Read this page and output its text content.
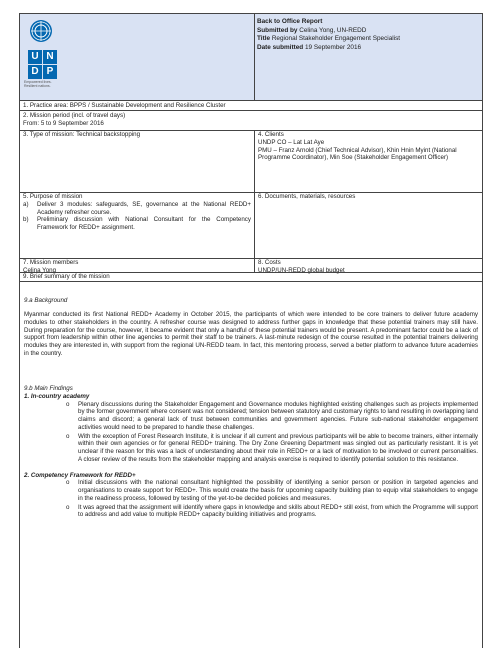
U N
D P
Empowered lives. Resilient nations.
Back to Office Report
Submitted by Celina Yong, UN-REDD
Title Regional Stakeholder Engagement Specialist
Date submitted 19 September 2016
1. Practice area: BPPS / Sustainable Development and Resilience Cluster
2. Mission period (incl. of travel days)
From: 5 to 9 September 2016
3. Type of mission: Technical backstopping	4. Clients
UNDP CO – Lat Lat Aye
PMU – Franz Arnold (Chief Technical Advisor), Khin Hnin Myint (National Programme Coordinator), Min Soe (Stakeholder Engagement Officer)
5. Purpose of mission
a) Deliver 3 modules: safeguards, SE, governance at the National REDD+ Academy refresher course.
b) Preliminary discussion with National Consultant for the Competency Framework for REDD+ assignment.
6. Documents, materials, resources
7. Mission members
Celina Yong
8. Costs
UNDP/UN-REDD global budget
9. Brief summary of the mission
9.a Background
Myanmar conducted its first National REDD+ Academy in October 2015, the participants of which were intended to be core trainers to deliver future academy modules to other stakeholders in the country. A refresher course was designed to address further gaps in knowledge that these potential trainers may still have. During preparation for the course, however, it became evident that only a handful of these potential trainers would be present. A predominant factor could be a lack of support from leadership within other line agencies to permit their staff to be trainers. A last-minute redesign of the course resulted in the potential trainers delivering modules they are interested in, with support from the regional UN-REDD team. In fact, this mentoring process, served a better platform to advance future academies in the country.
9.b Main Findings
1. In-country academy
o Plenary discussions during the Stakeholder Engagement and Governance modules highlighted existing challenges such as projects implemented by the former government where consent was not considered; tension between statutory and customary rights to land resulting in overlapping land claims and discord; a general lack of trust between communities and government agencies. Future sub-national stakeholder engagement activities would need to be prepared to handle these challenges.
o With the exception of Forest Research Institute, it is unclear if all current and previous participants will be able to become trainers, either internally within their own agencies or for general REDD+ training. The Dry Zone Greening Department was singled out as particularly resistant. It is yet unclear if the reason for this was a lack of understanding about their role in REDD+ or a lack of motivation to be involved or current personalities. A closer review of the results from the stakeholder mapping and analysis exercise is required to identify potential solution to this resistance.
2. Competency Framework for REDD+
o Initial discussions with the national consultant highlighted the possibility of identifying a senior person or position in targeted agencies and organisations to create support for REDD+. This would create the basis for upcoming capacity building plan to equip vital stakeholders to engage in the readiness process, followed by testing of the yet-to-be decided policies and measures.
o It was agreed that the assignment will identify where gaps in knowledge and skills about REDD+ still exist, from which the Programme will support to address and add value to multiple REDD+ capacity building initiatives and programs.
